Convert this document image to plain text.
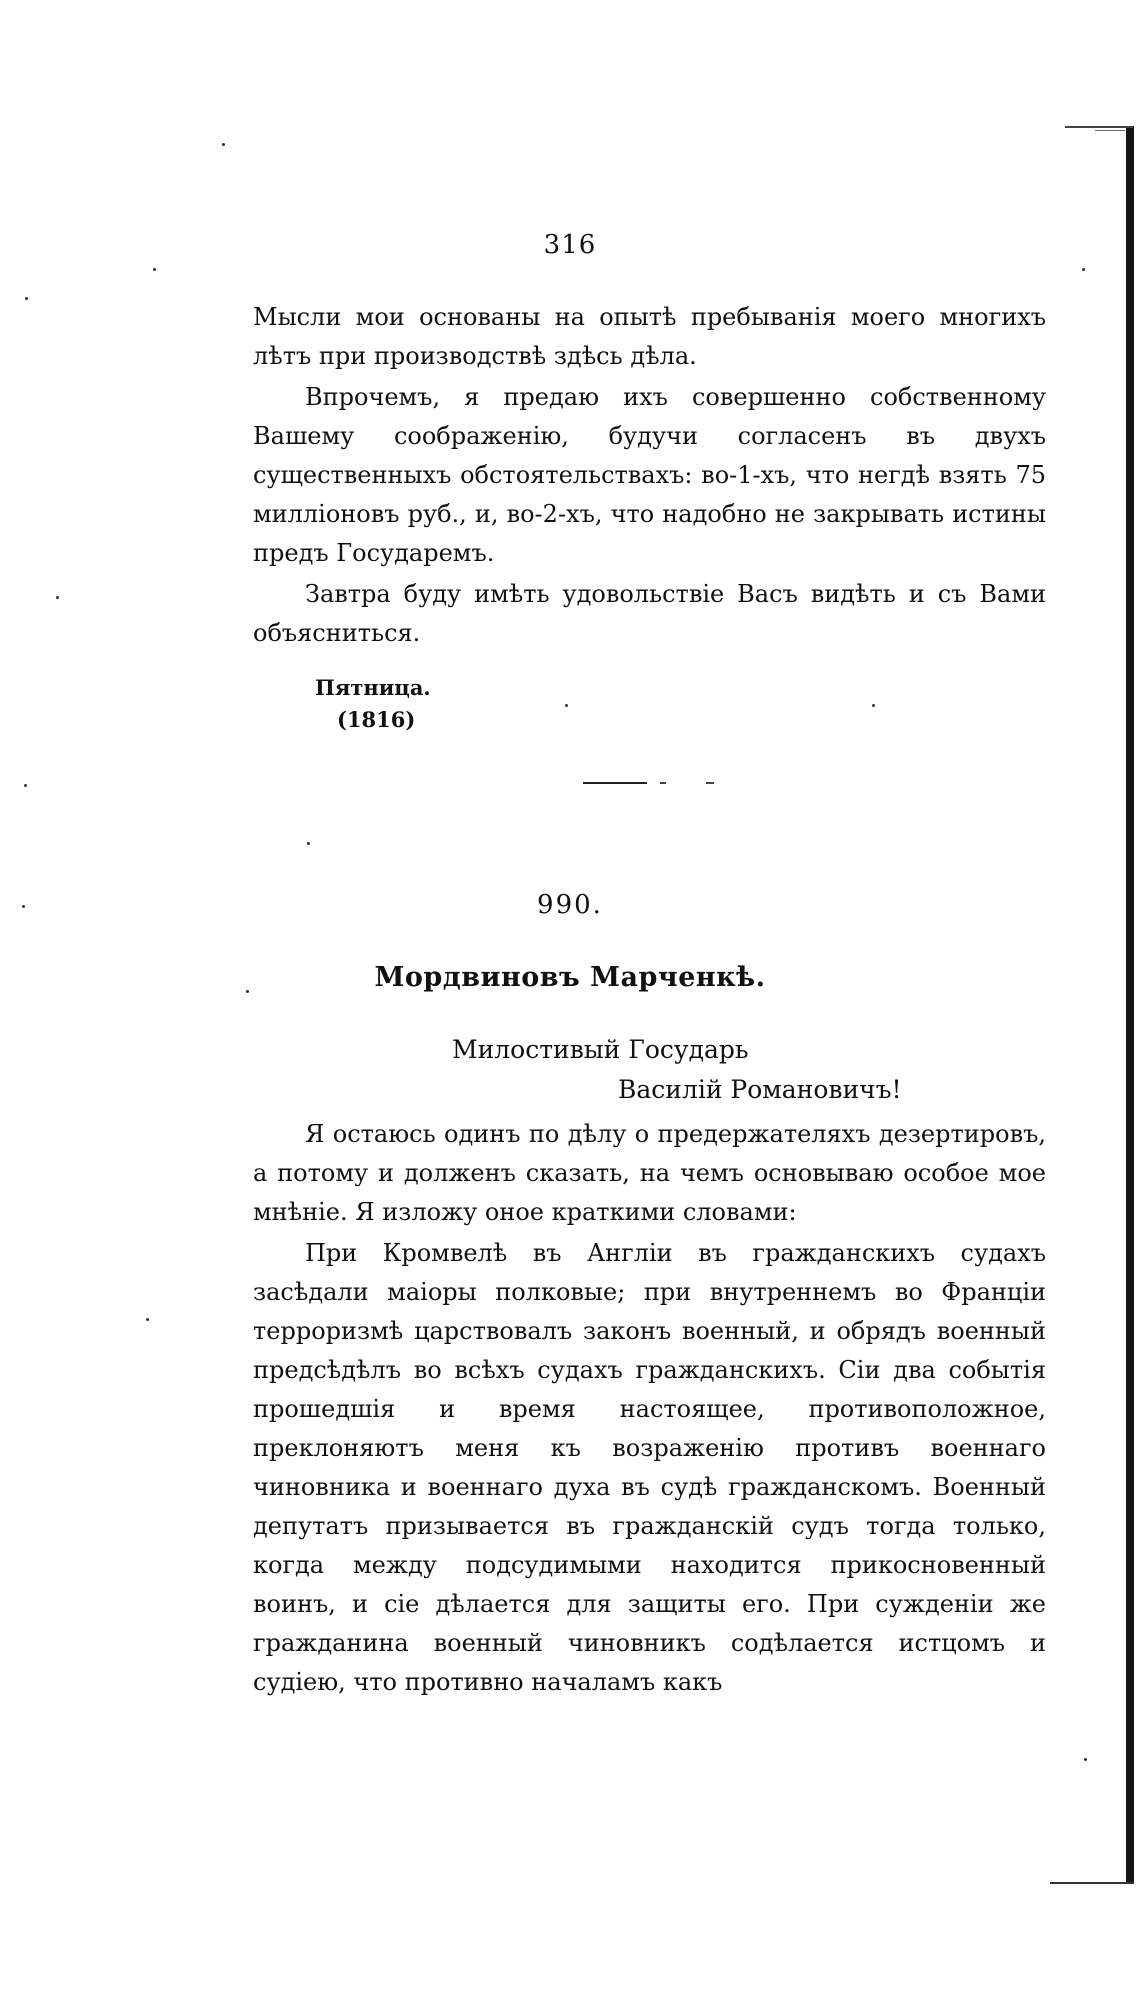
316

Мысли мои основаны на опытѣ пребыванія моего многихъ лѣтъ при производствѣ здѣсь дѣла.

Впрочемъ, я предаю ихъ совершенно собственному Вашему соображенію, будучи согласенъ въ двухъ существенныхъ обстоятельствахъ: во-1-хъ, что негдѣ взять 75 милліоновъ руб., и, во-2-хъ, что надобно не закрывать истины предъ Государемъ.

Завтра буду имѣть удовольствіе Васъ видѣть и съ Вами объясниться.

Пятница.
(1816)
990.
Мордвиновъ Марченкѣ.
Милостивый Государь
Василій Романовичъ!

Я остаюсь одинъ по дѣлу о предержателяхъ дезертировъ, а потому и долженъ сказать, на чемъ основываю особое мое мнѣніе. Я изложу оное краткими словами:

При Кромвелѣ въ Англіи въ гражданскихъ судахъ засѣдали маіоры полковые; при внутреннемъ во Франціи терроризмѣ царствовалъ законъ военный, и обрядъ военный предсѣдѣлъ во всѣхъ судахъ гражданскихъ. Сіи два событія прошедшія и время настоящее, противоположное, преклоняютъ меня къ возраженію противъ военнаго чиновника и военнаго духа въ судѣ гражданскомъ. Военный депутатъ призывается въ гражданскій судъ тогда только, когда между подсудимыми находится прикосновенный воинъ, и сіе дѣлается для защиты его. При сужденіи же гражданина военный чиновникъ содѣлается истцомъ и судіею, что противно началамъ какъ
